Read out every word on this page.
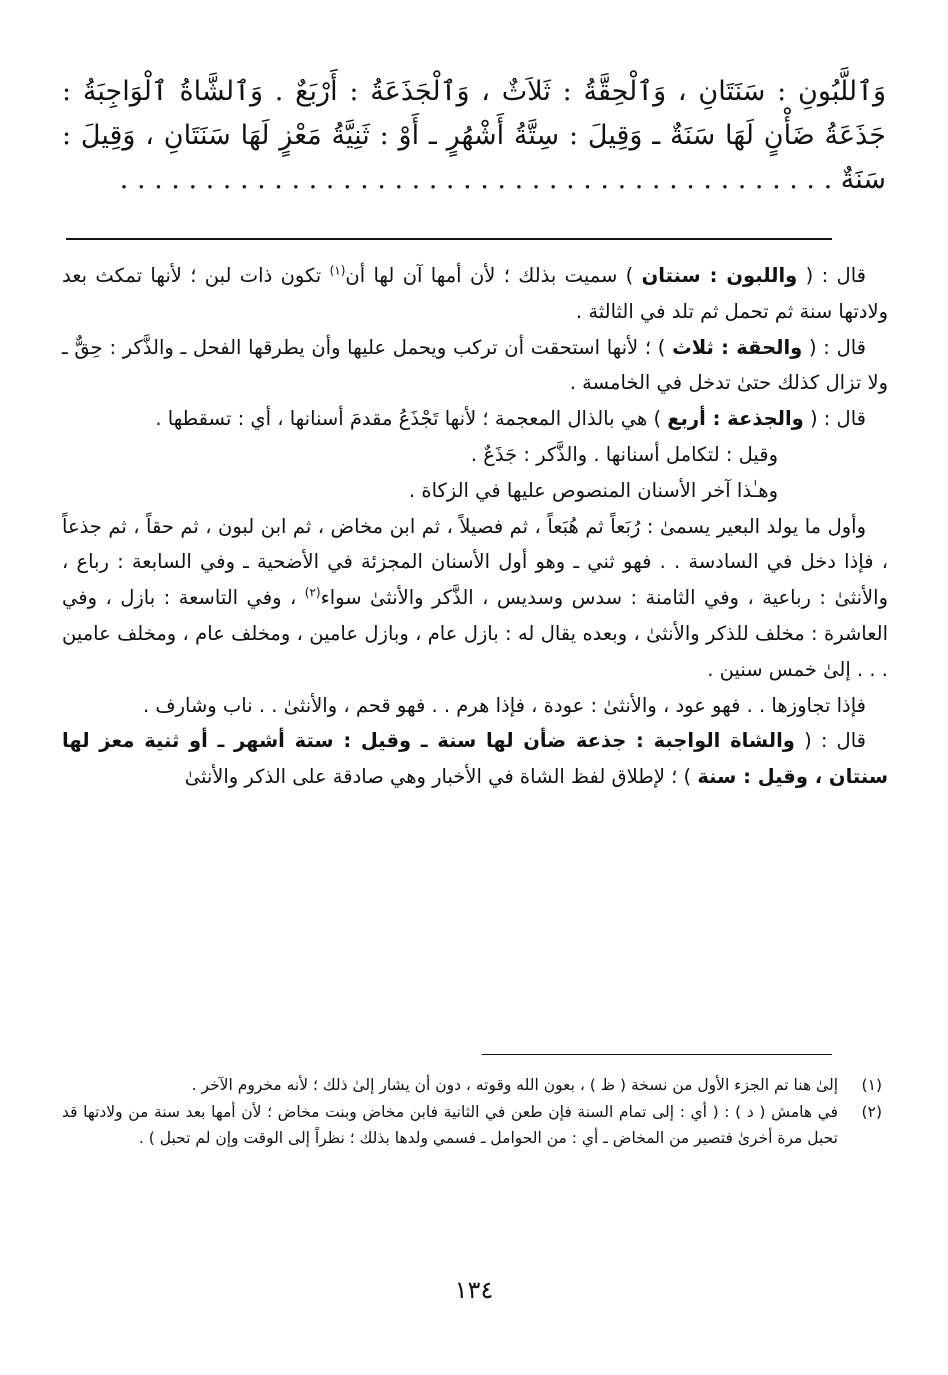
وَٱللَّبُونِ : سَنَتَانِ ، وَٱلْحِقَّةُ : ثَلاَثٌ ، وَٱلْجَذَعَةُ : أَرْبَعٌ . وَٱلشَّاةُ ٱلْوَاجِبَةُ : جَذَعَةُ ضَأْنٍ لَهَا سَنَةٌ ـ وَقِيلَ : سِتَّةُ أَشْهُرٍ ـ أَوْ : ثَنِيَّةُ مَعْزٍ لَهَا سَنَتَانِ ، وَقِيلَ : سَنَةٌ . . . . . . . . . . . . . . . . . . . . . . . . . . . . . . . . . . . . . . . . . .

قال : ( واللبون : سنتان ) سميت بذلك ؛ لأن أمها آن لها أن$^{(١)}$ تكون ذات لبن ؛ لأنها تمكث بعد ولادتها سنة ثم تحمل ثم تلد في الثالثة .

قال : ( والحقة : ثلاث ) ؛ لأنها استحقت أن تركب ويحمل عليها وأن يطرقها الفحل ـ والذَّكر : حِقٌّ ـ ولا تزال كذلك حتىٰ تدخل في الخامسة .

قال : ( والجذعة : أربع ) هي بالذال المعجمة ؛ لأنها تَجْذَعُ مقدمَ أسنانها ، أي : تسقطها .

وقيل : لتكامل أسنانها . والذَّكر : جَذَعٌ .

وهـٰذا آخر الأسنان المنصوص عليها في الزكاة .

وأول ما يولد البعير يسمىٰ : رُبَعاً ثم هُبَعاً ، ثم فصيلاً ، ثم ابن مخاض ، ثم ابن لبون ، ثم حقاً ، ثم جذعاً ، فإذا دخل في السادسة . . فهو ثني ـ وهو أول الأسنان المجزئة في الأضحية ـ وفي السابعة : رباع ، والأنثىٰ : رباعية ، وفي الثامنة : سدس وسديس ، الذَّكر والأنثىٰ سواء$^{(٢)}$ ، وفي التاسعة : بازل ، وفي العاشرة : مخلف للذكر والأنثىٰ ، وبعده يقال له : بازل عام ، وبازل عامين ، ومخلف عام ، ومخلف عامين . . . إلىٰ خمس سنين .

فإذا تجاوزها . . فهو عود ، والأنثىٰ : عودة ، فإذا هرم . . فهو قحم ، والأنثىٰ . . ناب وشارف .

قال : ( والشاة الواجبة : جذعة ضأن لها سنة ـ وقيل : ستة أشهر ـ أو ثنية معز لها سنتان ، وقيل : سنة ) ؛ لإطلاق لفظ الشاة في الأخبار وهي صادقة على الذكر والأنثىٰ

(١)
إلىٰ هنا تم الجزء الأول من نسخة ( ظ ) ، بعون الله وقوته ، دون أن يشار إلىٰ ذلك ؛ لأنه مخروم الآخر .
(٢)
في هامش ( د ) : ( أي : إلى تمام السنة فإن طعن في الثانية فابن مخاض وبنت مخاض ؛ لأن أمها بعد سنة من ولادتها قد تحبل مرة أخرىٰ فتصير من المخاض ـ أي : من الحوامل ـ فسمي ولدها بذلك ؛ نظراً إلى الوقت وإن لم تحبل ) .
١٣٤
